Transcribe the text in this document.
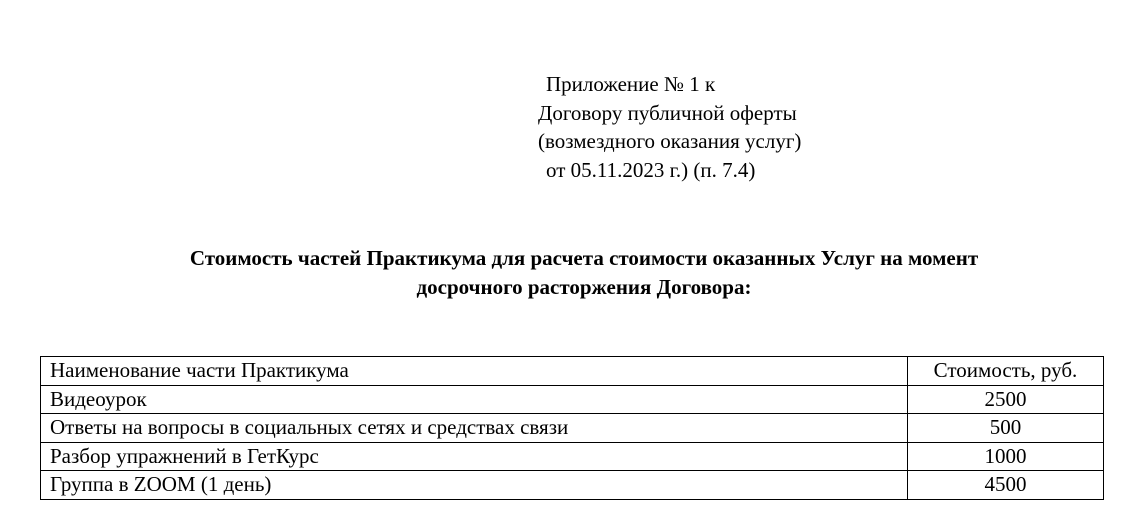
Приложение № 1 к
Договору публичной оферты
(возмездного оказания услуг)
от 05.11.2023 г.) (п. 7.4)
Стоимость частей Практикума для расчета стоимости оказанных Услуг на момент
досрочного расторжения Договора:
Наименование части Практикума	Стоимость, руб.
Видеоурок	2500
Ответы на вопросы в социальных сетях и средствах связи	500
Разбор упражнений в ГетКурс	1000
Группа в ZOOM (1 день)	4500
